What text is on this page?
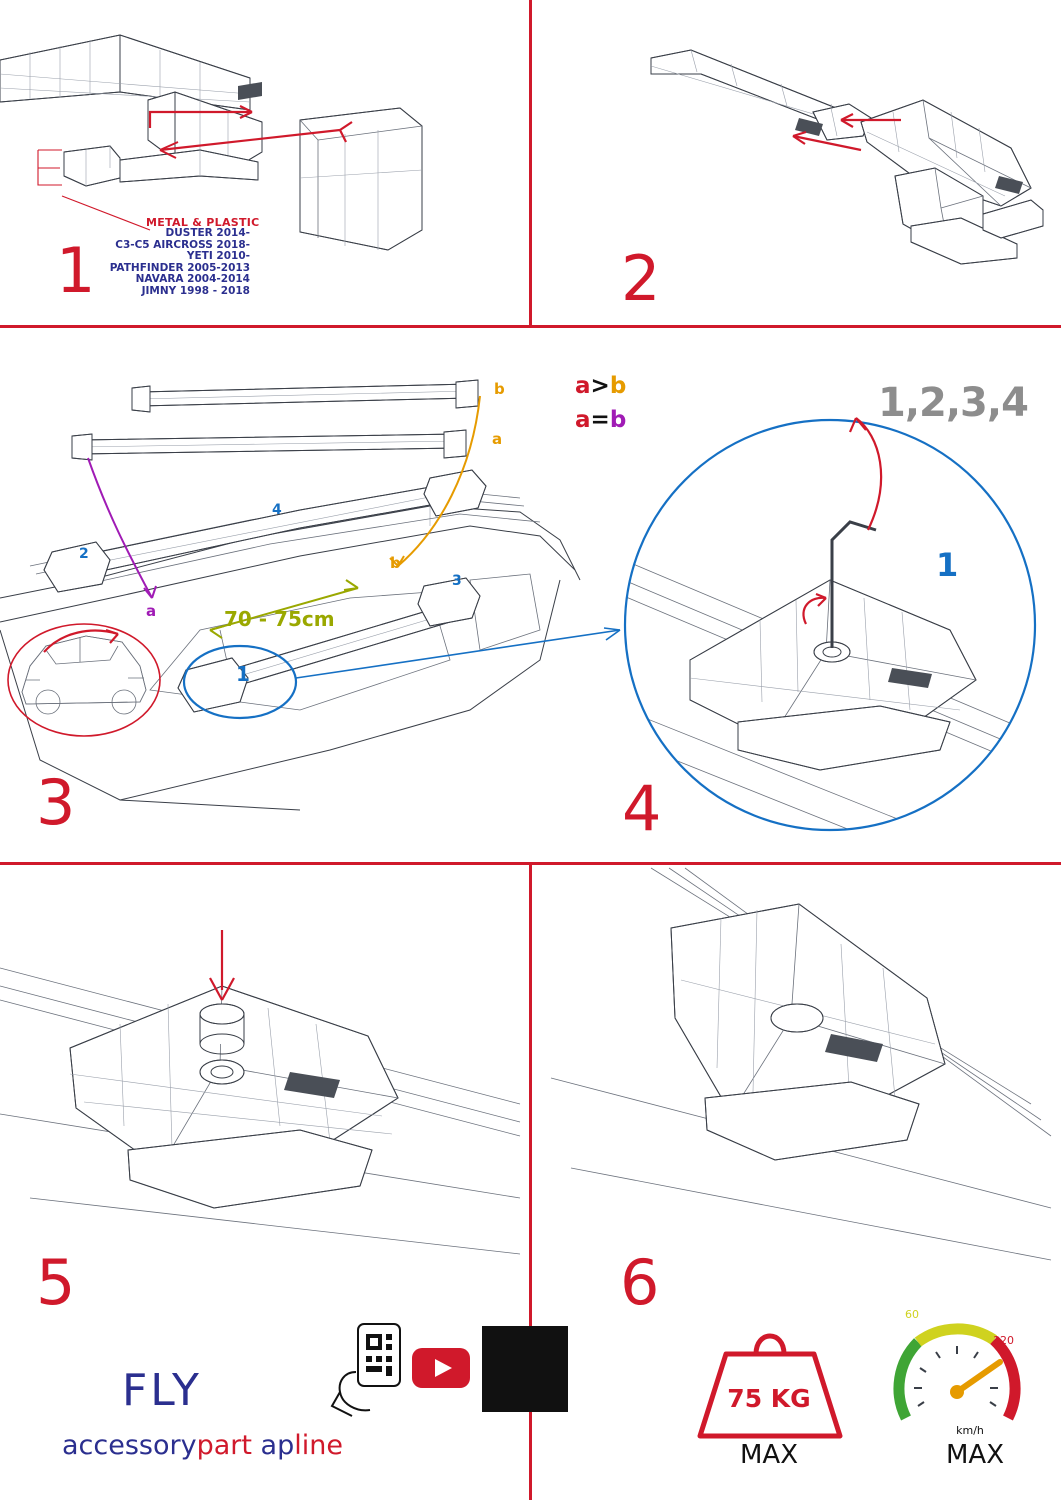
METAL & PLASTIC
DUSTER 2014-
C3-C5 AIRCROSS 2018-
YETI 2010-
PATHFINDER 2005-2013
NAVARA 2004-2014
JIMNY 1998 - 2018
1	2
b
a
a
b
2
4
3
1
70 - 75cm
a>b
a=b
3
1,2,3,4
1
4
5	6
FLY
accessorypart apline
75 KG
MAX
60
120
km/h
MAX
